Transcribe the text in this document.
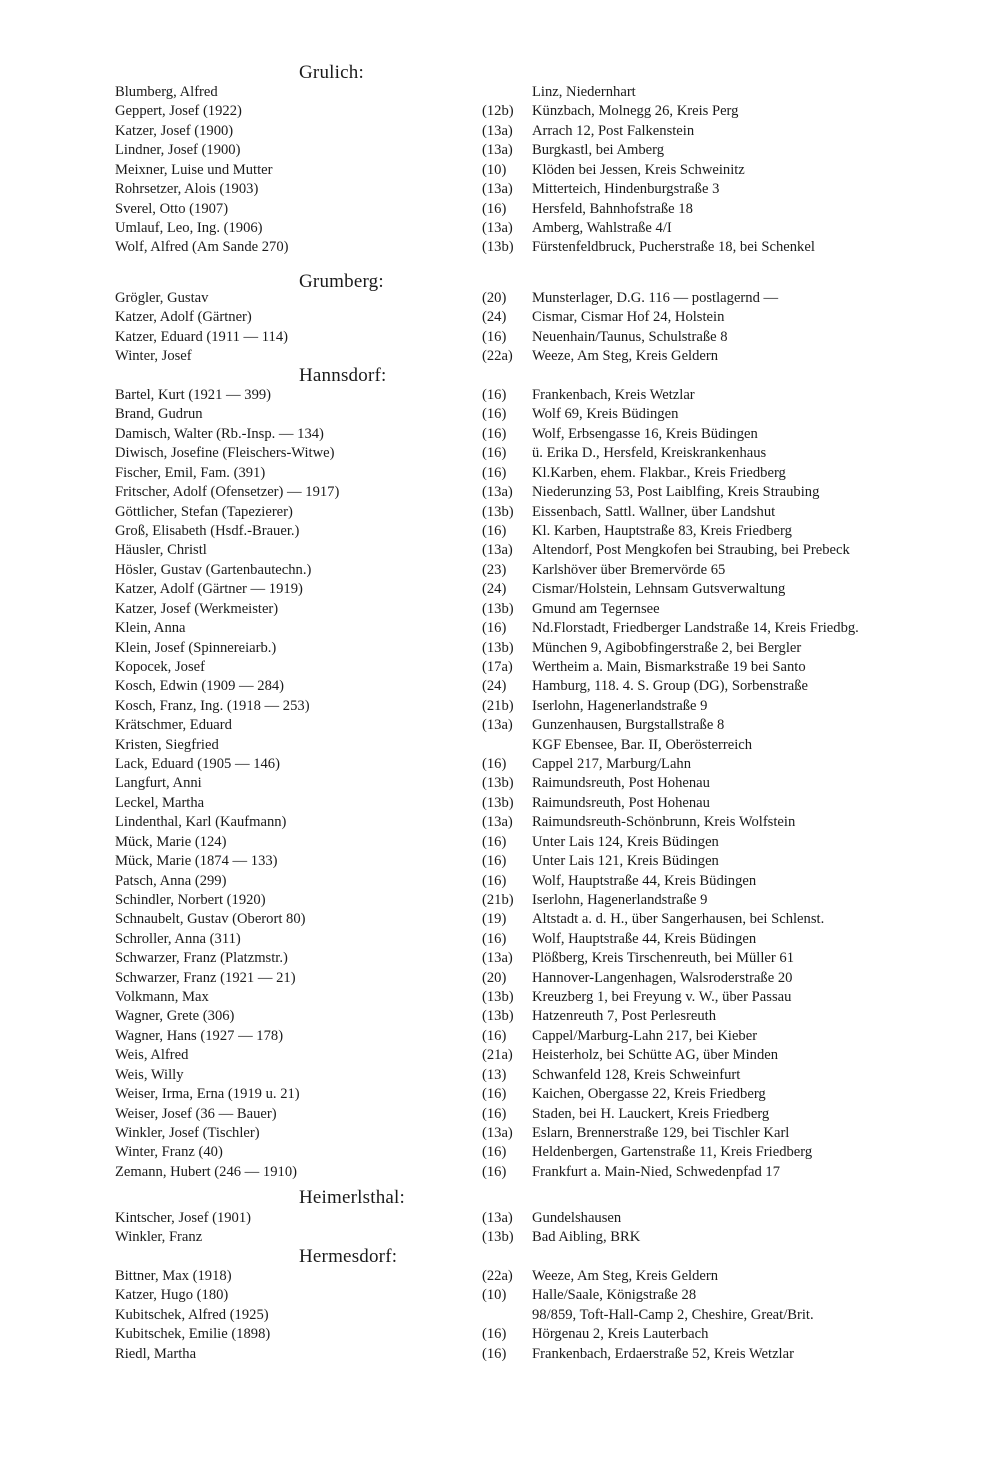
Grulich:
Blumberg, Alfred	Linz, Niedernhart
Geppert, Josef (1922)	(12b) Künzbach, Molnegg 26, Kreis Perg
Katzer, Josef (1900)	(13a) Arrach 12, Post Falkenstein
Lindner, Josef (1900)	(13a) Burgkastl, bei Amberg
Meixner, Luise und Mutter	(10) Klöden bei Jessen, Kreis Schweinitz
Rohrsetzer, Alois (1903)	(13a) Mitterteich, Hindenburgstraße 3
Sverel, Otto (1907)	(16) Hersfeld, Bahnhofstraße 18
Umlauf, Leo, Ing. (1906)	(13a) Amberg, Wahlstraße 4/I
Wolf, Alfred (Am Sande 270)	(13b) Fürstenfeldbruck, Pucherstraße 18, bei Schenkel
Grumberg:
Grögler, Gustav	(20) Munsterlager, D.G. 116 — postlagernd —
Katzer, Adolf (Gärtner)	(24) Cismar, Cismar Hof 24, Holstein
Katzer, Eduard (1911 — 114)	(16) Neuenhain/Taunus, Schulstraße 8
Winter, Josef	(22a) Weeze, Am Steg, Kreis Geldern
Hannsdorf:
Bartel, Kurt (1921 — 399)	(16) Frankenbach, Kreis Wetzlar
Brand, Gudrun	(16) Wolf 69, Kreis Büdingen
Damisch, Walter (Rb.-Insp. — 134)	(16) Wolf, Erbsengasse 16, Kreis Büdingen
Diwisch, Josefine (Fleischers-Witwe)	(16) ü. Erika D., Hersfeld, Kreiskrankenhaus
Fischer, Emil, Fam. (391)	(16) Kl.Karben, ehem. Flakbar., Kreis Friedberg
Fritscher, Adolf (Ofensetzer) — 1917)	(13a) Niederunzing 53, Post Laiblfing, Kreis Straubing
Göttlicher, Stefan (Tapezierer)	(13b) Eissenbach, Sattl. Wallner, über Landshut
Groß, Elisabeth (Hsdf.-Brauer.)	(16) Kl. Karben, Hauptstraße 83, Kreis Friedberg
Häusler, Christl	(13a) Altendorf, Post Mengkofen bei Straubing, bei Prebeck
Hösler, Gustav (Gartenbautechn.)	(23) Karlshöver über Bremervörde 65
Katzer, Adolf (Gärtner — 1919)	(24) Cismar/Holstein, Lehnsam Gutsverwaltung
Katzer, Josef (Werkmeister)	(13b) Gmund am Tegernsee
Klein, Anna	(16) Nd.Florstadt, Friedberger Landstraße 14, Kreis Friedbg.
Klein, Josef (Spinnereiarb.)	(13b) München 9, Agibobfingerstraße 2, bei Bergler
Kopocek, Josef	(17a) Wertheim a. Main, Bismarkstraße 19 bei Santo
Kosch, Edwin (1909 — 284)	(24) Hamburg, 118. 4. S. Group (DG), Sorbenstraße
Kosch, Franz, Ing. (1918 — 253)	(21b) Iserlohn, Hagenerlandstraße 9
Krätschmer, Eduard	(13a) Gunzenhausen, Burgstallstraße 8
Kristen, Siegfried	KGF Ebensee, Bar. II, Oberösterreich
Lack, Eduard (1905 — 146)	(16) Cappel 217, Marburg/Lahn
Langfurt, Anni	(13b) Raimundsreuth, Post Hohenau
Leckel, Martha	(13b) Raimundsreuth, Post Hohenau
Lindenthal, Karl (Kaufmann)	(13a) Raimundsreuth-Schönbrunn, Kreis Wolfstein
Mück, Marie (124)	(16) Unter Lais 124, Kreis Büdingen
Mück, Marie (1874 — 133)	(16) Unter Lais 121, Kreis Büdingen
Patsch, Anna (299)	(16) Wolf, Hauptstraße 44, Kreis Büdingen
Schindler, Norbert (1920)	(21b) Iserlohn, Hagenerlandstraße 9
Schnaubelt, Gustav (Oberort 80)	(19) Altstadt a. d. H., über Sangerhausen, bei Schlenst.
Schroller, Anna (311)	(16) Wolf, Hauptstraße 44, Kreis Büdingen
Schwarzer, Franz (Platzmstr.)	(13a) Plößberg, Kreis Tirschenreuth, bei Müller 61
Schwarzer, Franz (1921 — 21)	(20) Hannover-Langenhagen, Walsroderstraße 20
Volkmann, Max	(13b) Kreuzberg 1, bei Freyung v. W., über Passau
Wagner, Grete (306)	(13b) Hatzenreuth 7, Post Perlesreuth
Wagner, Hans (1927 — 178)	(16) Cappel/Marburg-Lahn 217, bei Kieber
Weis, Alfred	(21a) Heisterholz, bei Schütte AG, über Minden
Weis, Willy	(13) Schwanfeld 128, Kreis Schweinfurt
Weiser, Irma, Erna (1919 u. 21)	(16) Kaichen, Obergasse 22, Kreis Friedberg
Weiser, Josef (36 — Bauer)	(16) Staden, bei H. Lauckert, Kreis Friedberg
Winkler, Josef (Tischler)	(13a) Eslarn, Brennerstraße 129, bei Tischler Karl
Winter, Franz (40)	(16) Heldenbergen, Gartenstraße 11, Kreis Friedberg
Zemann, Hubert (246 — 1910)	(16) Frankfurt a. Main-Nied, Schwedenpfad 17
Heimerlsthal:
Kintscher, Josef (1901)	(13a) Gundelshausen
Winkler, Franz	(13b) Bad Aibling, BRK
Hermesdorf:
Bittner, Max (1918)	(22a) Weeze, Am Steg, Kreis Geldern
Katzer, Hugo (180)	(10) Halle/Saale, Königstraße 28
Kubitschek, Alfred (1925)	98/859, Toft-Hall-Camp 2, Cheshire, Great/Brit.
Kubitschek, Emilie (1898)	(16) Hörgenau 2, Kreis Lauterbach
Riedl, Martha	(16) Frankenbach, Erdaerstraße 52, Kreis Wetzlar
